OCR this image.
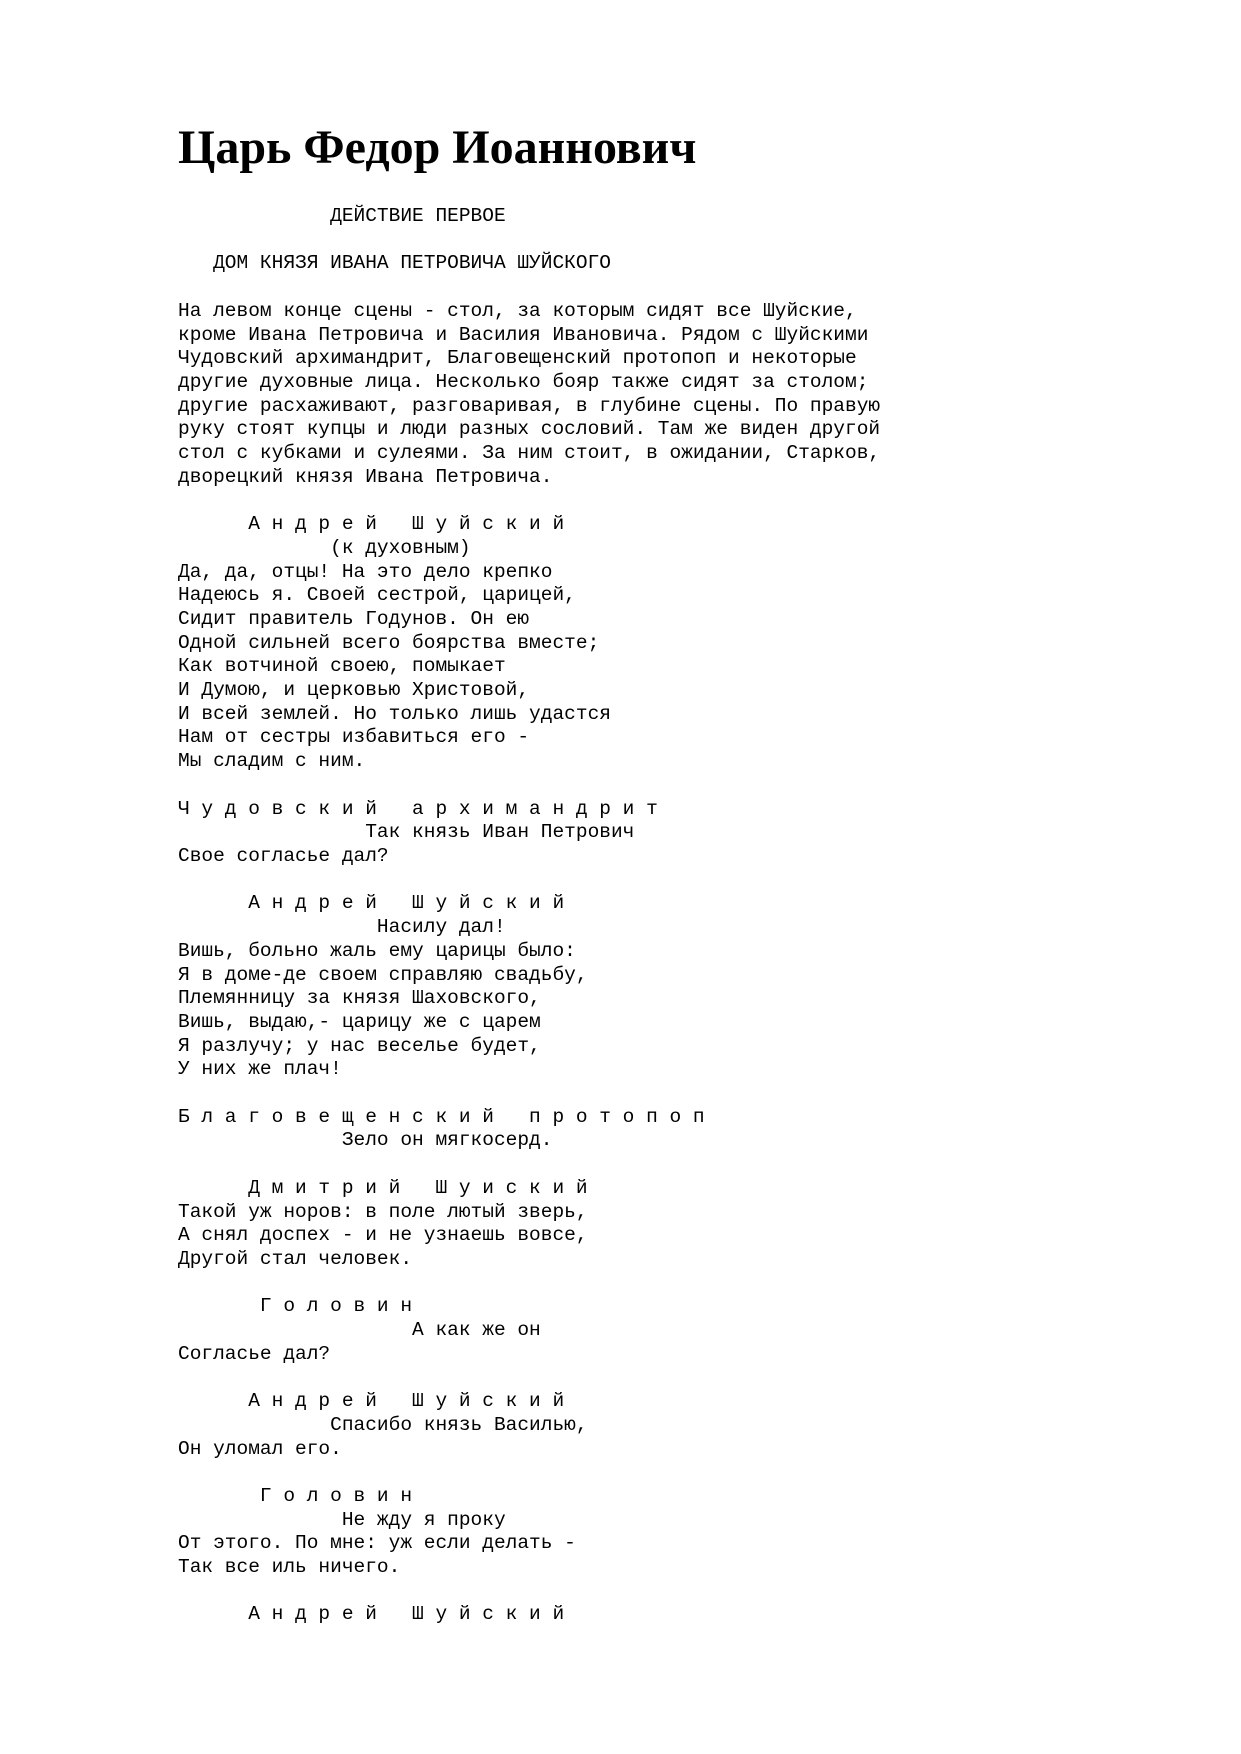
Царь Федор Иоаннович
ДЕЙСТВИЕ ПЕРВОЕ

ДОМ КНЯЗЯ ИВАНА ПЕТРОВИЧА ШУЙСКОГО

На левом конце сцены - стол, за которым сидят все Шуйские,
кроме Ивана Петровича и Василия Ивановича. Рядом с Шуйскими
Чудовский архимандрит, Благовещенский протопоп и некоторые
другие духовные лица. Несколько бояр также сидят за столом;
другие расхаживают, разговаривая, в глубине сцены. По правую
руку стоят купцы и люди разных сословий. Там же виден другой
стол с кубками и сулеями. За ним стоит, в ожидании, Старков,
дворецкий князя Ивана Петровича.

А н д р е й   Ш у й с к и й
(к духовным)
Да, да, отцы! На это дело крепко
Надеюсь я. Своей сестрой, царицей,
Сидит правитель Годунов. Он ею
Одной сильней всего боярства вместе;
Как вотчиной своею, помыкает
И Думою, и церковью Христовой,
И всей землей. Но только лишь удастся
Нам от сестры избавиться его -
Мы сладим с ним.

Ч у д о в с к и й   а р х и м а н д р и т
Так князь Иван Петрович
Свое согласье дал?

А н д р е й   Ш у й с к и й
Насилу дал!
Вишь, больно жаль ему царицы было:
Я в доме-де своем справляю свадьбу,
Племянницу за князя Шаховского,
Вишь, выдаю,- царицу же с царем
Я разлучу; у нас веселье будет,
У них же плач!

Б л а г о в е щ е н с к и й   п р о т о п о п
Зело он мягкосерд.

Д м и т р и й   Ш у и с к и й
Такой уж норов: в поле лютый зверь,
А снял доспех - и не узнаешь вовсе,
Другой стал человек.

Г о л о в и н
А как же он
Согласье дал?

А н д р е й   Ш у й с к и й
Спасибо князь Василью,
Он уломал его.

Г о л о в и н
Не жду я проку
От этого. По мне: уж если делать -
Так все иль ничего.

А н д р е й   Ш у й с к и й
